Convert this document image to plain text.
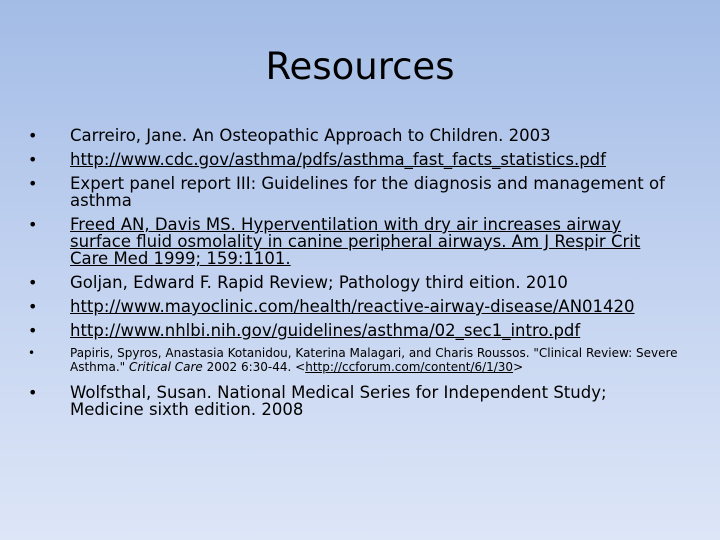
Resources
• Carreiro, Jane. An Osteopathic Approach to Children. 2003
• http://www.cdc.gov/asthma/pdfs/asthma_fast_facts_statistics.pdf
• Expert panel report III: Guidelines for the diagnosis and management of asthma
• Freed AN, Davis MS. Hyperventilation with dry air increases airway surface fluid osmolality in canine peripheral airways. Am J Respir Crit Care Med 1999; 159:1101.
• Goljan, Edward F. Rapid Review; Pathology third eition. 2010
• http://www.mayoclinic.com/health/reactive-airway-disease/AN01420
• http://www.nhlbi.nih.gov/guidelines/asthma/02_sec1_intro.pdf
•	Papiris, Spyros, Anastasia Kotanidou, Katerina Malagari, and Charis Roussos. "Clinical Review: Severe Asthma." Critical Care 2002 6:30-44. <http://ccforum.com/content/6/1/30>
• Wolfsthal, Susan. National Medical Series for Independent Study; Medicine sixth edition. 2008
